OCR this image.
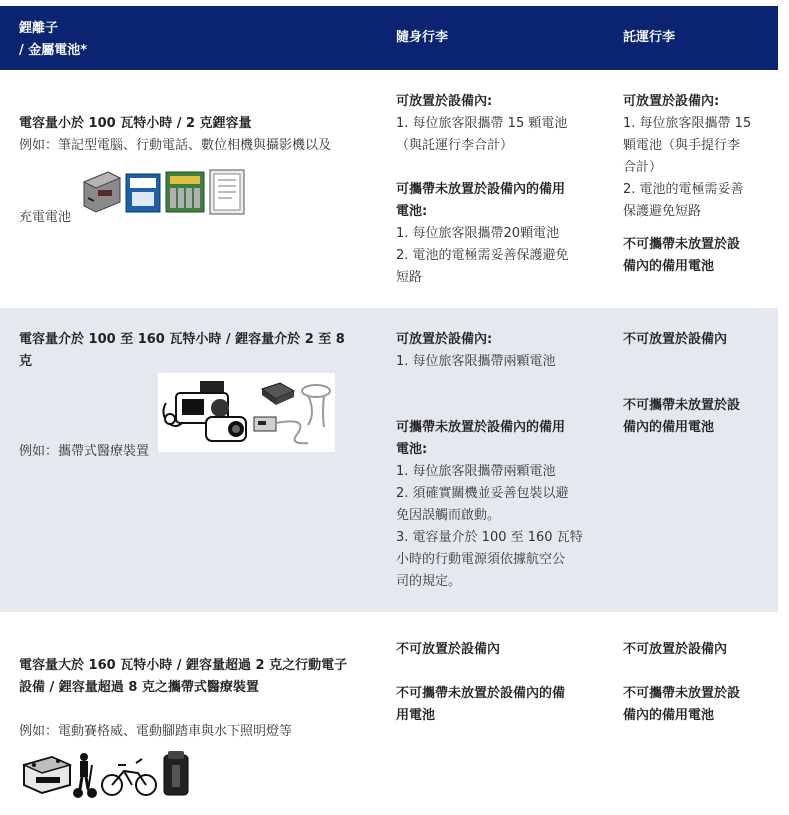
鋰離子
/ 金屬電池*
隨身行李	託運行李
電容量小於 100 瓦特小時 / 2 克鋰容量
例如：筆記型電腦、行動電話、數位相機與攝影機以及
充電電池
可放置於設備內:
1. 每位旅客限攜帶 15 顆電池
（與託運行李合計）
可攜帶未放置於設備內的備用
電池:
1. 每位旅客限攜帶20顆電池
2. 電池的電極需妥善保護避免
短路
可放置於設備內:
1. 每位旅客限攜帶 15
顆電池（與手提行李
合計）
2. 電池的電極需妥善
保護避免短路
不可攜帶未放置於設
備內的備用電池
電容量介於 100 至 160 瓦特小時 / 鋰容量介於 2 至 8
克
例如：攜帶式醫療裝置
可放置於設備內:
1. 每位旅客限攜帶兩顆電池
可攜帶未放置於設備內的備用
電池:
1. 每位旅客限攜帶兩顆電池
2. 須確實關機並妥善包裝以避
免因誤觸而啟動。
3. 電容量介於 100 至 160 瓦特
小時的行動電源須依據航空公
司的規定。
不可放置於設備內
不可攜帶未放置於設
備內的備用電池
電容量大於 160 瓦特小時 / 鋰容量超過 2 克之行動電子
設備 / 鋰容量超過 8 克之攜帶式醫療裝置
例如：電動賽格威、電動腳踏車與水下照明燈等
不可放置於設備內
不可攜帶未放置於設備內的備
用電池
不可放置於設備內
不可攜帶未放置於設
備內的備用電池
